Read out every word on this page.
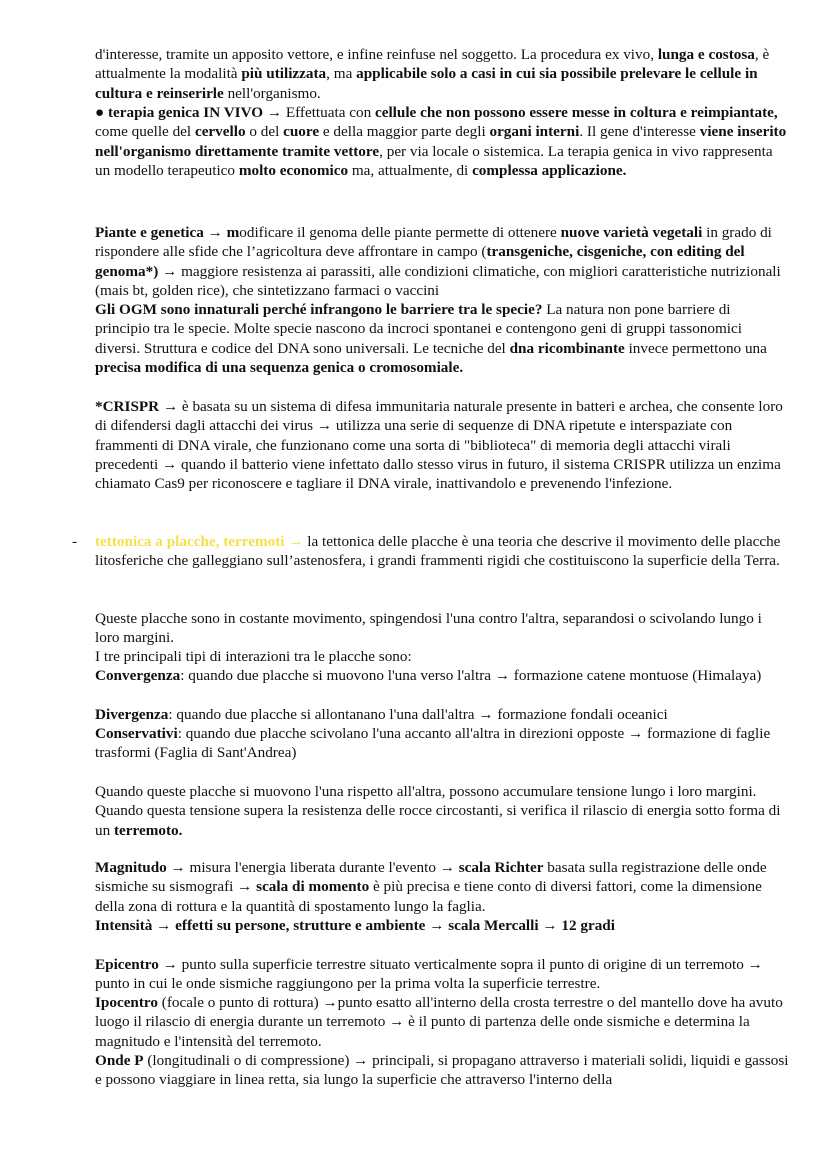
d'interesse, tramite un apposito vettore, e infine reinfuse nel soggetto. La procedura ex vivo, lunga e costosa, è attualmente la modalità più utilizzata, ma applicabile solo a casi in cui sia possibile prelevare le cellule in cultura e reinserirle nell'organismo.

● terapia genica IN VIVO → Effettuata con cellule che non possono essere messe in coltura e reimpiantate, come quelle del cervello o del cuore e della maggior parte degli organi interni. Il gene d'interesse viene inserito nell'organismo direttamente tramite vettore, per via locale o sistemica. La terapia genica in vivo rappresenta un modello terapeutico molto economico ma, attualmente, di complessa applicazione.

Piante e genetica → modificare il genoma delle piante permette di ottenere nuove varietà vegetali in grado di rispondere alle sfide che l’agricoltura deve affrontare in campo (transgeniche, cisgeniche, con editing del genoma*) → maggiore resistenza ai parassiti, alle condizioni climatiche, con migliori caratteristiche nutrizionali (mais bt, golden rice), che sintetizzano farmaci o vaccini

Gli OGM sono innaturali perché infrangono le barriere tra le specie? La natura non pone barriere di principio tra le specie. Molte specie nascono da incroci spontanei e contengono geni di gruppi tassonomici diversi. Struttura e codice del DNA sono universali. Le tecniche del dna ricombinante invece permettono una precisa modifica di una sequenza genica o cromosomiale.

*CRISPR → è basata su un sistema di difesa immunitaria naturale presente in batteri e archea, che consente loro di difendersi dagli attacchi dei virus → utilizza una serie di sequenze di DNA ripetute e interspaziate con frammenti di DNA virale, che funzionano come una sorta di "biblioteca" di memoria degli attacchi virali precedenti → quando il batterio viene infettato dallo stesso virus in futuro, il sistema CRISPR utilizza un enzima chiamato Cas9 per riconoscere e tagliare il DNA virale, inattivandolo e prevenendo l'infezione.

- tettonica a placche, terremoti → la tettonica delle placche è una teoria che descrive il movimento delle placche litosferiche che galleggiano sull’astenosfera, i grandi frammenti rigidi che costituiscono la superficie della Terra.

Queste placche sono in costante movimento, spingendosi l'una contro l'altra, separandosi o scivolando lungo i loro margini.

I tre principali tipi di interazioni tra le placche sono:

Convergenza: quando due placche si muovono l'una verso l'altra → formazione catene montuose (Himalaya)

Divergenza: quando due placche si allontanano l'una dall'altra → formazione fondali oceanici

Conservativi: quando due placche scivolano l'una accanto all'altra in direzioni opposte → formazione di faglie trasformi (Faglia di Sant'Andrea)

Quando queste placche si muovono l'una rispetto all'altra, possono accumulare tensione lungo i loro margini. Quando questa tensione supera la resistenza delle rocce circostanti, si verifica il rilascio di energia sotto forma di un terremoto.

Magnitudo → misura l'energia liberata durante l'evento → scala Richter basata sulla registrazione delle onde sismiche su sismografi → scala di momento è più precisa e tiene conto di diversi fattori, come la dimensione della zona di rottura e la quantità di spostamento lungo la faglia.

Intensità → effetti su persone, strutture e ambiente → scala Mercalli → 12 gradi

Epicentro → punto sulla superficie terrestre situato verticalmente sopra il punto di origine di un terremoto → punto in cui le onde sismiche raggiungono per la prima volta la superficie terrestre.

Ipocentro (focale o punto di rottura) →punto esatto all'interno della crosta terrestre o del mantello dove ha avuto luogo il rilascio di energia durante un terremoto → è il punto di partenza delle onde sismiche e determina la magnitudo e l'intensità del terremoto.

Onde P (longitudinali o di compressione) → principali, si propagano attraverso i materiali solidi, liquidi e gassosi e possono viaggiare in linea retta, sia lungo la superficie che attraverso l'interno della
